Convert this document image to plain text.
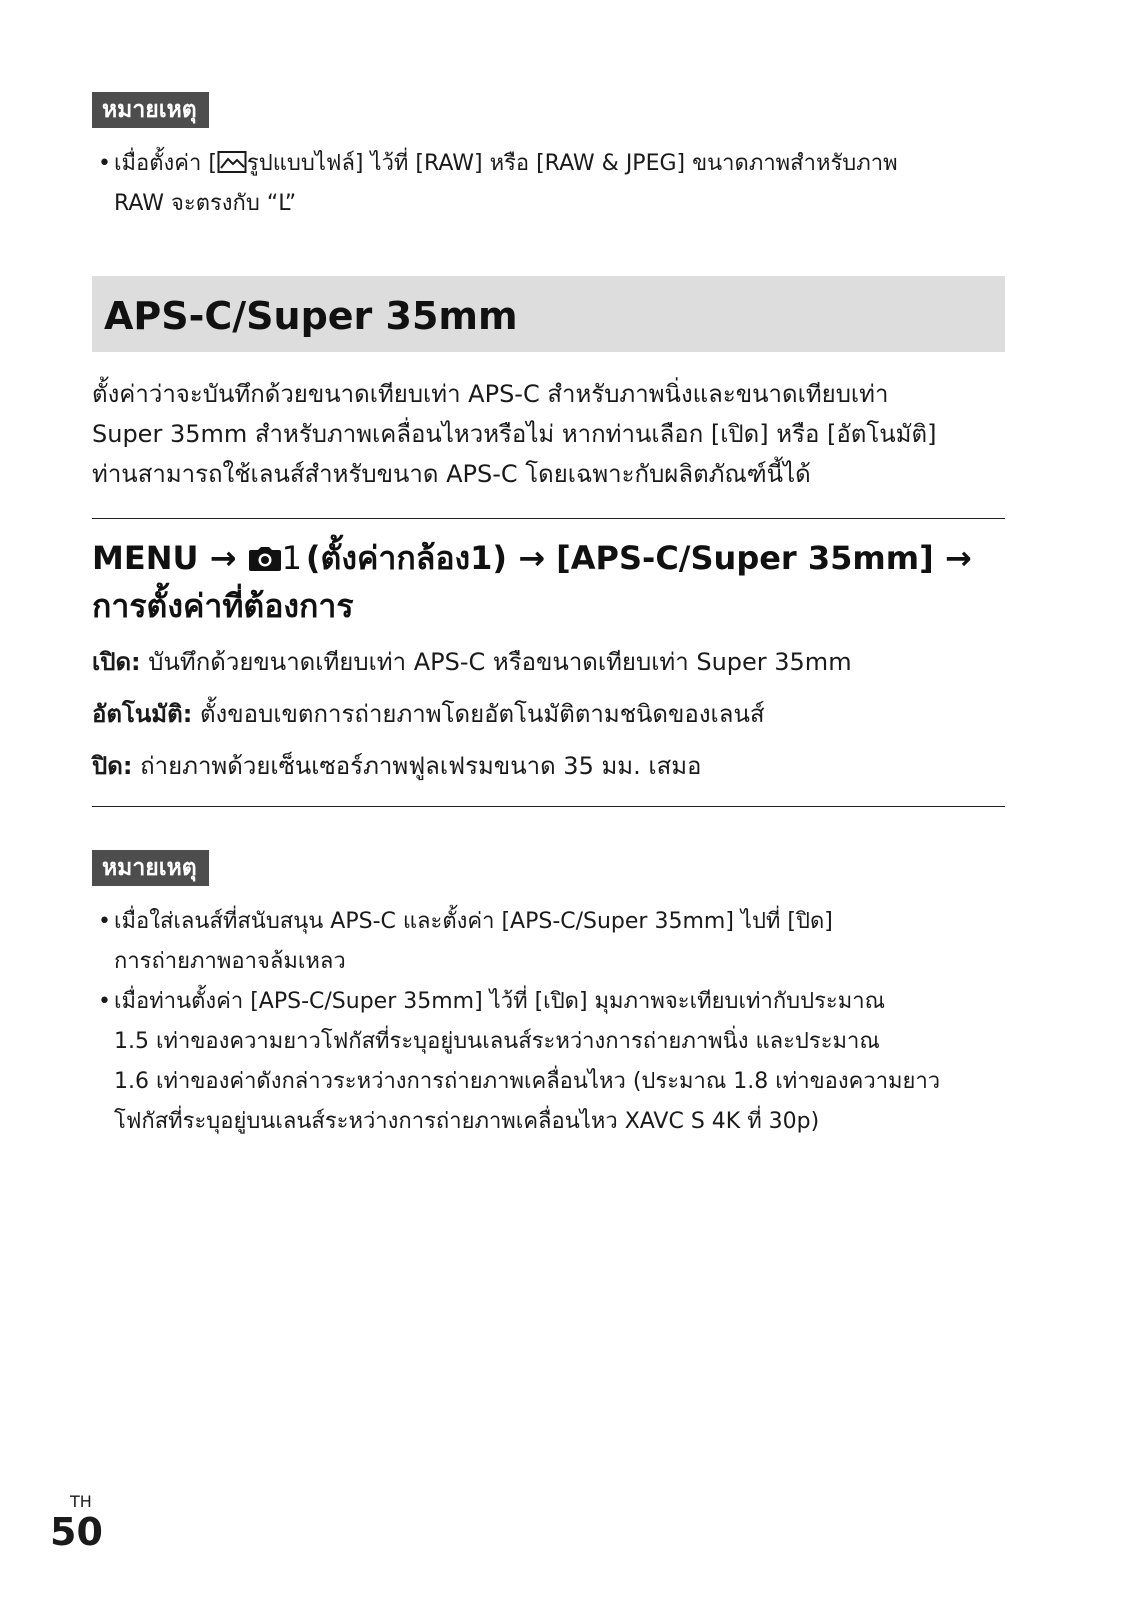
หมายเหตุ
• เมื่อตั้งค่า [ รูปแบบไฟล์] ไว้ที่ [RAW] หรือ [RAW & JPEG] ขนาดภาพสำหรับภาพ
RAW จะตรงกับ “L”
APS-C/Super 35mm
ตั้งค่าว่าจะบันทึกด้วยขนาดเทียบเท่า APS-C สำหรับภาพนิ่งและขนาดเทียบเท่า
Super 35mm สำหรับภาพเคลื่อนไหวหรือไม่ หากท่านเลือก [เปิด] หรือ [อัตโนมัติ]
ท่านสามารถใช้เลนส์สำหรับขนาด APS-C โดยเฉพาะกับผลิตภัณฑ์นี้ได้
MENU → 1 (ตั้งค่ากล้อง1) → [APS-C/Super 35mm] →
การตั้งค่าที่ต้องการ
เปิด: บันทึกด้วยขนาดเทียบเท่า APS-C หรือขนาดเทียบเท่า Super 35mm
อัตโนมัติ: ตั้งขอบเขตการถ่ายภาพโดยอัตโนมัติตามชนิดของเลนส์
ปิด: ถ่ายภาพด้วยเซ็นเซอร์ภาพฟูลเฟรมขนาด 35 มม. เสมอ
หมายเหตุ
• เมื่อใส่เลนส์ที่สนับสนุน APS-C และตั้งค่า [APS-C/Super 35mm] ไปที่ [ปิด]
การถ่ายภาพอาจล้มเหลว
• เมื่อท่านตั้งค่า [APS-C/Super 35mm] ไว้ที่ [เปิด] มุมภาพจะเทียบเท่ากับประมาณ
1.5 เท่าของความยาวโฟกัสที่ระบุอยู่บนเลนส์ระหว่างการถ่ายภาพนิ่ง และประมาณ
1.6 เท่าของค่าดังกล่าวระหว่างการถ่ายภาพเคลื่อนไหว (ประมาณ 1.8 เท่าของความยาว
โฟกัสที่ระบุอยู่บนเลนส์ระหว่างการถ่ายภาพเคลื่อนไหว XAVC S 4K ที่ 30p)
TH
50
